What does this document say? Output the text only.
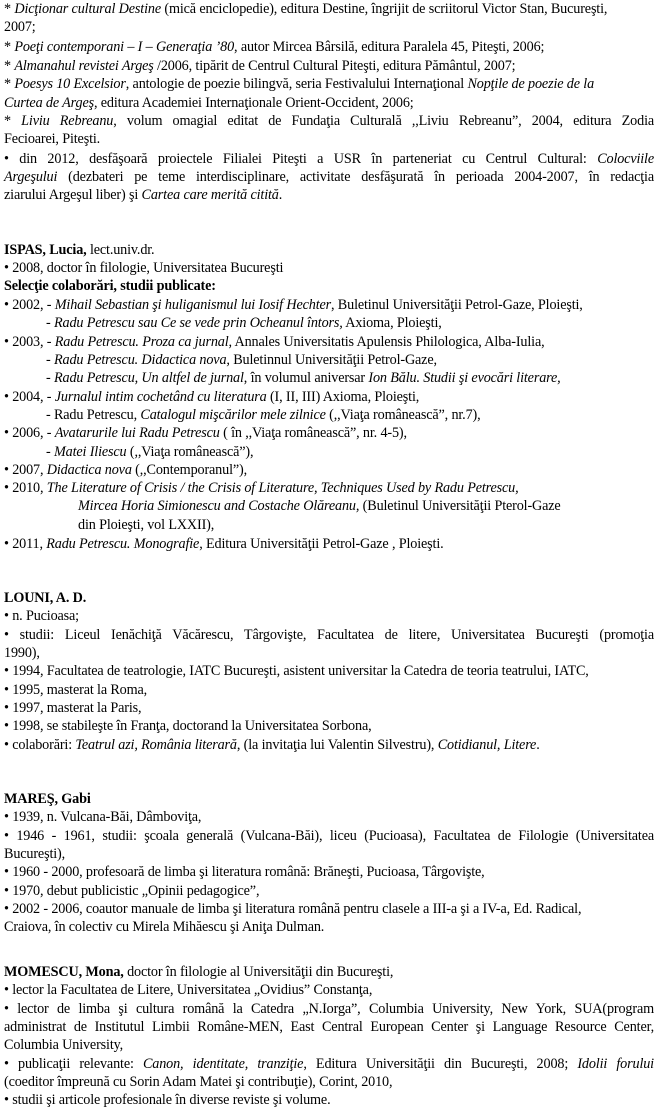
* Dicţionar cultural Destine (mică enciclopedie), editura Destine, îngrijit de scriitorul Victor Stan, Bucureşti,
2007;
* Poeţi contemporani – I – Generaţia ’80, autor Mircea Bârsilă, editura Paralela 45, Piteşti, 2006;
* Almanahul revistei Argeş /2006, tipărit de Centrul Cultural Piteşti, editura Pământul, 2007;
* Poesys 10 Excelsior, antologie de poezie bilingvă, seria Festivalului Internaţional Nopţile de poezie de la
Curtea de Argeş, editura Academiei Internaţionale Orient-Occident, 2006;
* Liviu Rebreanu, volum omagial editat de Fundaţia Culturală ,,Liviu Rebreanu”, 2004, editura Zodia
Fecioarei, Piteşti.
• din 2012, desfăşoară proiectele Filialei Piteşti a USR în parteneriat cu Centrul Cultural: Colocviile
Argeşului (dezbateri pe teme interdisciplinare, activitate desfăşurată în perioada 2004-2007, în redacţia
ziarului Argeşul liber) şi Cartea care merită citită.
ISPAS, Lucia, lect.univ.dr.
• 2008, doctor în filologie, Universitatea Bucureşti
Selecţie colaborări, studii publicate:
• 2002, - Mihail Sebastian şi huliganismul lui Iosif Hechter, Buletinul Universităţii Petrol-Gaze, Ploieşti,
- Radu Petrescu sau Ce se vede prin Ocheanul întors, Axioma, Ploieşti,
• 2003, - Radu Petrescu. Proza ca jurnal, Annales Universitatis Apulensis Philologica, Alba-Iulia,
- Radu Petrescu. Didactica nova, Buletinnul Universităţii Petrol-Gaze,
- Radu Petrescu, Un altfel de jurnal, în volumul aniversar Ion Bălu. Studii şi evocări literare,
• 2004, - Jurnalul intim cochetând cu literatura (I, II, III) Axioma, Ploieşti,
- Radu Petrescu, Catalogul mişcărilor mele zilnice (,,Viaţa românească”, nr.7),
• 2006, - Avatarurile lui Radu Petrescu ( în ,,Viaţa românească”, nr. 4-5),
- Matei Iliescu (,,Viaţa românească”),
• 2007, Didactica nova (,,Contemporanul”),
• 2010, The Literature of Crisis / the Crisis of Literature, Techniques Used by Radu Petrescu,
Mircea Horia Simionescu and Costache Olăreanu, (Buletinul Universităţii Pterol-Gaze
din Ploieşti, vol LXXII),
• 2011, Radu Petrescu. Monografie, Editura Universităţii Petrol-Gaze , Ploieşti.
LOUNI, A. D.
• n. Pucioasa;
• studii: Liceul Ienăchiţă Văcărescu, Târgovişte, Facultatea de litere, Universitatea Bucureşti (promoţia
1990),
• 1994, Facultatea de teatrologie, IATC Bucureşti, asistent universitar la Catedra de teoria teatrului, IATC,
• 1995, masterat la Roma,
• 1997, masterat la Paris,
• 1998, se stabileşte în Franţa, doctorand la Universitatea Sorbona,
• colaborări: Teatrul azi, România literară, (la invitaţia lui Valentin Silvestru), Cotidianul, Litere.
MAREŞ, Gabi
• 1939, n. Vulcana-Băi, Dâmboviţa,
• 1946 - 1961, studii: şcoala generală (Vulcana-Băi), liceu (Pucioasa), Facultatea de Filologie (Universitatea
Bucureşti),
• 1960 - 2000, profesoară de limba şi literatura română: Brăneşti, Pucioasa, Târgovişte,
• 1970, debut publicistic „Opinii pedagogice”,
• 2002 - 2006, coautor manuale de limba şi literatura română pentru clasele a III-a şi a IV-a, Ed. Radical,
Craiova, în colectiv cu Mirela Mihăescu şi Aniţa Dulman.
MOMESCU, Mona, doctor în filologie al Universităţii din Bucureşti,
• lector la Facultatea de Litere, Universitatea „Ovidius” Constanţa,
• lector de limba şi cultura română la Catedra „N.Iorga”, Columbia University, New York, SUA(program
administrat de Institutul Limbii Române-MEN, East Central European Center şi Language Resource Center,
Columbia University,
• publicaţii relevante: Canon, identitate, tranziţie, Editura Universităţii din Bucureşti, 2008; Idolii forului
(coeditor împreună cu Sorin Adam Matei şi contribuţie), Corint, 2010,
• studii şi articole profesionale în diverse reviste şi volume.
